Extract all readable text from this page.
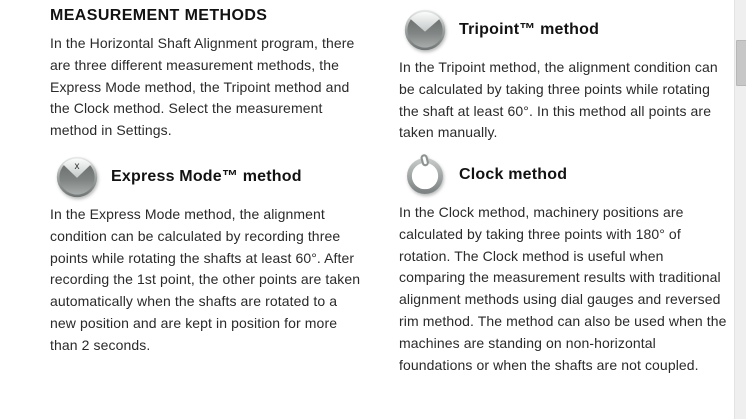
MEASUREMENT METHODS

In the Horizontal Shaft Alignment program, there are three different measurement methods, the Express Mode method, the Tripoint method and the Clock method. Select the measurement method in Settings.

x
Express Mode™ method

In the Express Mode method, the alignment condition can be calculated by recording three points while rotating the shafts at least 60°. After recording the 1st point, the other points are taken automatically when the shafts are rotated to a new position and are kept in position for more than 2 seconds.

Tripoint™ method

In the Tripoint method, the alignment condition can be calculated by taking three points while rotating the shaft at least 60°. In this method all points are taken manually.

Clock method

In the Clock method, machinery positions are calculated by taking three points with 180° of rotation. The Clock method is useful when comparing the measurement results with traditional alignment methods using dial gauges and reversed rim method. The method can also be used when the machines are standing on non-horizontal foundations or when the shafts are not coupled.
